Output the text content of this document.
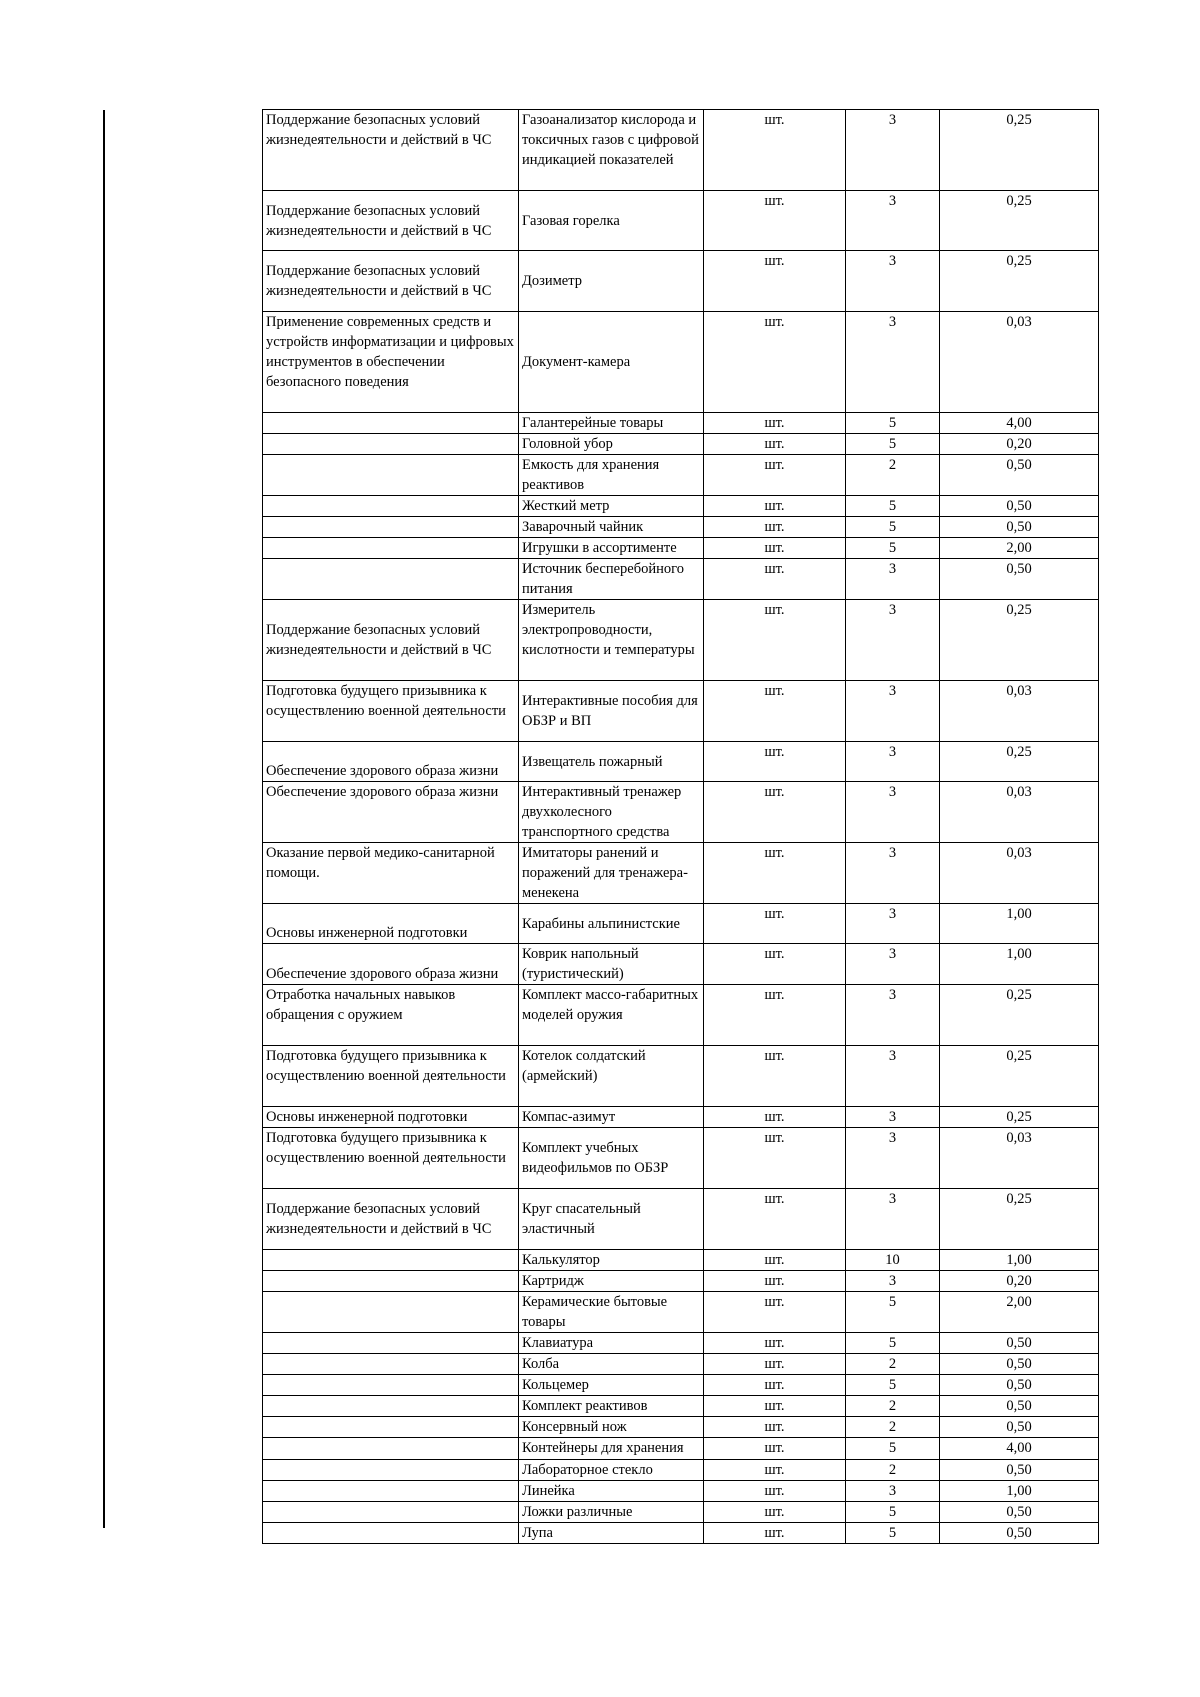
Поддержание безопасных условий жизнедеятельности и действий в ЧС	Газоанализатор кислорода и токсичных газов с цифровой индикацией показателей	шт.	3	0,25
Поддержание безопасных условий жизнедеятельности и действий в ЧС	Газовая горелка	шт.	3	0,25
Поддержание безопасных условий жизнедеятельности и действий в ЧС	Дозиметр	шт.	3	0,25
Применение современных средств и устройств информатизации и цифровых инструментов в обеспечении безопасного поведения	Документ-камера	шт.	3	0,03
	Галантерейные товары	шт.	5	4,00
	Головной убор	шт.	5	0,20
	Емкость для хранения реактивов	шт.	2	0,50
	Жесткий метр	шт.	5	0,50
	Заварочный чайник	шт.	5	0,50
	Игрушки в ассортименте	шт.	5	2,00
	Источник бесперебойного питания	шт.	3	0,50
Поддержание безопасных условий жизнедеятельности и действий в ЧС	Измеритель электропроводности, кислотности и температуры	шт.	3	0,25
Подготовка будущего призывника к осуществлению военной деятельности	Интерактивные пособия для ОБЗР и ВП	шт.	3	0,03
Обеспечение здорового образа жизни	Извещатель пожарный	шт.	3	0,25
Обеспечение здорового образа жизни	Интерактивный тренажер двухколесного транспортного средства	шт.	3	0,03
Оказание первой медико-санитарной помощи.	Имитаторы ранений и поражений для тренажера-менекена	шт.	3	0,03
Основы инженерной подготовки	Карабины альпинистские	шт.	3	1,00
Обеспечение здорового образа жизни	Коврик напольный (туристический)	шт.	3	1,00
Отработка начальных навыков обращения с оружием	Комплект массо-габаритных моделей оружия	шт.	3	0,25
Подготовка будущего призывника к осуществлению военной деятельности	Котелок солдатский (армейский)	шт.	3	0,25
Основы инженерной подготовки	Компас-азимут	шт.	3	0,25
Подготовка будущего призывника к осуществлению военной деятельности	Комплект учебных видеофильмов по ОБЗР	шт.	3	0,03
Поддержание безопасных условий жизнедеятельности и действий в ЧС	Круг спасательный эластичный	шт.	3	0,25
	Калькулятор	шт.	10	1,00
	Картридж	шт.	3	0,20
	Керамические бытовые товары	шт.	5	2,00
	Клавиатура	шт.	5	0,50
	Колба	шт.	2	0,50
	Кольцемер	шт.	5	0,50
	Комплект реактивов	шт.	2	0,50
	Консервный нож	шт.	2	0,50
	Контейнеры для хранения	шт.	5	4,00
	Лабораторное стекло	шт.	2	0,50
	Линейка	шт.	3	1,00
	Ложки различные	шт.	5	0,50
	Лупа	шт.	5	0,50
